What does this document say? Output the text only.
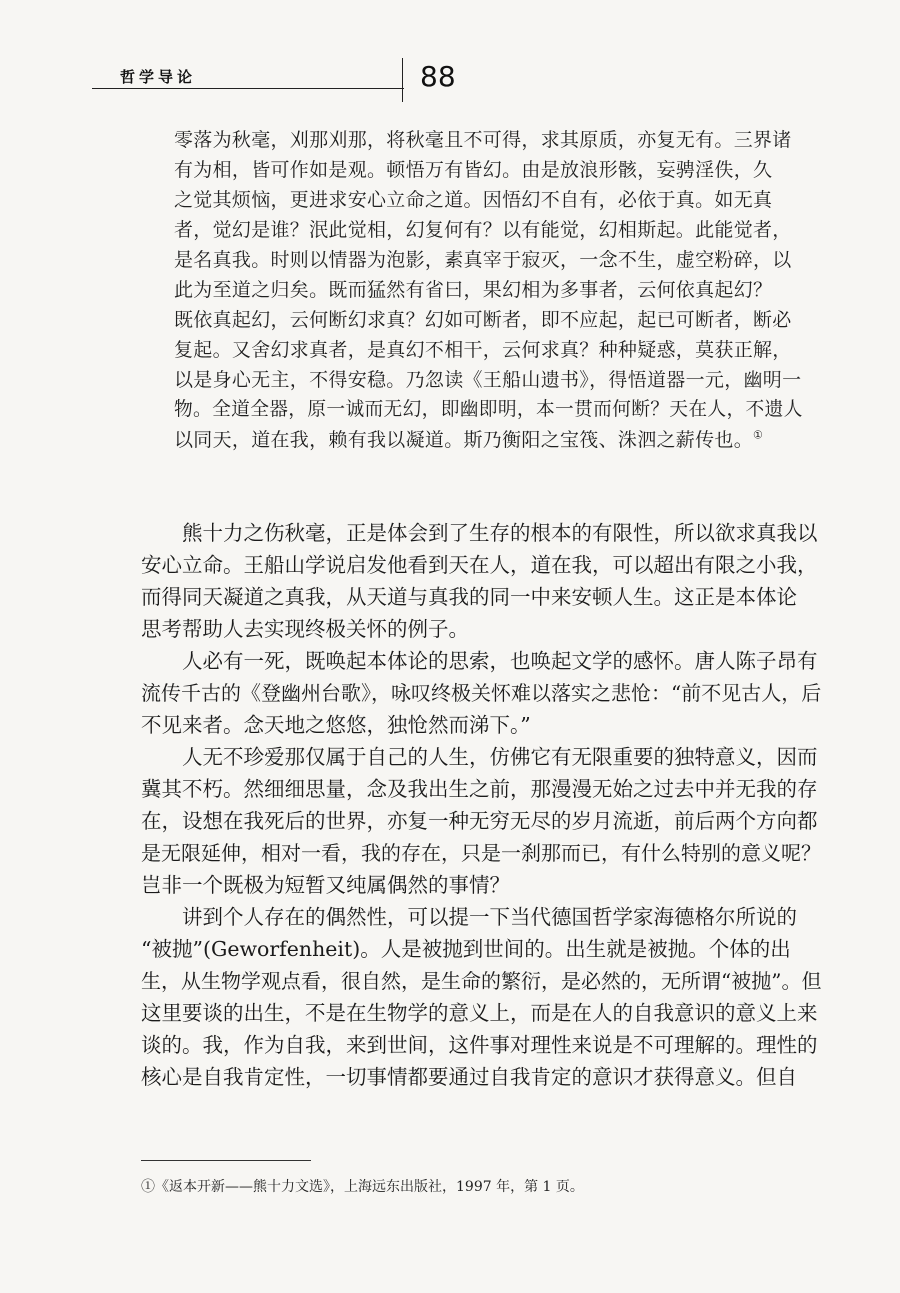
哲学导论	88

零落为秋毫，刈那刈那，将秋毫且不可得，求其原质，亦复无有。三界诸

有为相，皆可作如是观。顿悟万有皆幻。由是放浪形骸，妄骋淫佚，久

之觉其烦恼，更进求安心立命之道。因悟幻不自有，必依于真。如无真

者，觉幻是谁？泯此觉相，幻复何有？以有能觉，幻相斯起。此能觉者，

是名真我。时则以情器为泡影，素真宰于寂灭，一念不生，虚空粉碎，以

此为至道之归矣。既而猛然有省曰，果幻相为多事者，云何依真起幻？

既依真起幻，云何断幻求真？幻如可断者，即不应起，起已可断者，断必

复起。又舍幻求真者，是真幻不相干，云何求真？种种疑惑，莫获正解，

以是身心无主，不得安稳。乃忽读《王船山遗书》，得悟道器一元，幽明一

物。全道全器，原一诚而无幻，即幽即明，本一贯而何断？天在人，不遗人

以同天，道在我，赖有我以凝道。斯乃衡阳之宝筏、洙泗之薪传也。①

熊十力之伤秋毫，正是体会到了生存的根本的有限性，所以欲求真我以
安心立命。王船山学说启发他看到天在人，道在我，可以超出有限之小我，
而得同天凝道之真我，从天道与真我的同一中来安顿人生。这正是本体论
思考帮助人去实现终极关怀的例子。
人必有一死，既唤起本体论的思索，也唤起文学的感怀。唐人陈子昂有
流传千古的《登幽州台歌》，咏叹终极关怀难以落实之悲怆：“前不见古人，后
不见来者。念天地之悠悠，独怆然而涕下。”
人无不珍爱那仅属于自己的人生，仿佛它有无限重要的独特意义，因而
冀其不朽。然细细思量，念及我出生之前，那漫漫无始之过去中并无我的存
在，设想在我死后的世界，亦复一种无穷无尽的岁月流逝，前后两个方向都
是无限延伸，相对一看，我的存在，只是一刹那而已，有什么特别的意义呢？
岂非一个既极为短暂又纯属偶然的事情？
讲到个人存在的偶然性，可以提一下当代德国哲学家海德格尔所说的
“被抛”(Geworfenheit)。人是被抛到世间的。出生就是被抛。个体的出
生，从生物学观点看，很自然，是生命的繁衍，是必然的，无所谓“被抛”。但
这里要谈的出生，不是在生物学的意义上，而是在人的自我意识的意义上来
谈的。我，作为自我，来到世间，这件事对理性来说是不可理解的。理性的
核心是自我肯定性，一切事情都要通过自我肯定的意识才获得意义。但自
①《返本开新——熊十力文选》，上海远东出版社，1997 年，第 1 页。
